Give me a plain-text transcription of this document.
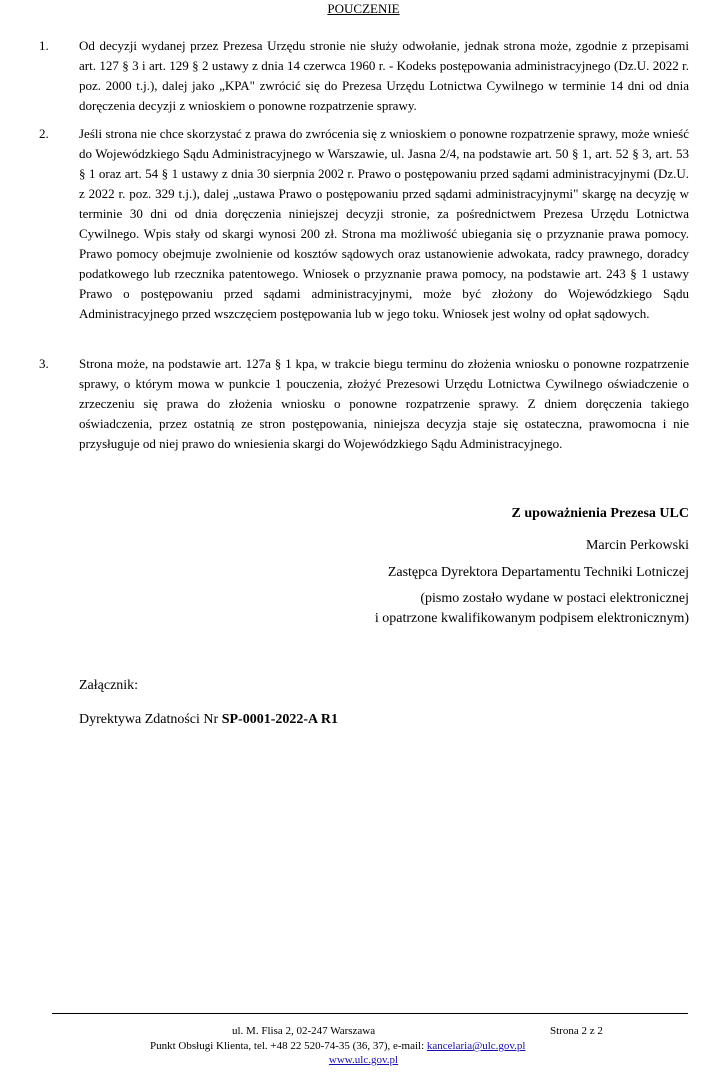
POUCZENIE
1. Od decyzji wydanej przez Prezesa Urzędu stronie nie służy odwołanie, jednak strona może, zgodnie z przepisami art. 127 § 3 i art. 129 § 2 ustawy z dnia 14 czerwca 1960 r. - Kodeks postępowania administracyjnego (Dz.U. 2022 r. poz. 2000 t.j.), dalej jako „KPA" zwrócić się do Prezesa Urzędu Lotnictwa Cywilnego w terminie 14 dni od dnia doręczenia decyzji z wnioskiem o ponowne rozpatrzenie sprawy.
2. Jeśli strona nie chce skorzystać z prawa do zwrócenia się z wnioskiem o ponowne rozpatrzenie sprawy, może wnieść do Wojewódzkiego Sądu Administracyjnego w Warszawie, ul. Jasna 2/4, na podstawie art. 50 § 1, art. 52 § 3, art. 53 § 1 oraz art. 54 § 1 ustawy z dnia 30 sierpnia 2002 r. Prawo o postępowaniu przed sądami administracyjnymi (Dz.U. z 2022 r. poz. 329 t.j.), dalej „ustawa Prawo o postępowaniu przed sądami administracyjnymi" skargę na decyzję w terminie 30 dni od dnia doręczenia niniejszej decyzji stronie, za pośrednictwem Prezesa Urzędu Lotnictwa Cywilnego. Wpis stały od skargi wynosi 200 zł. Strona ma możliwość ubiegania się o przyznanie prawa pomocy. Prawo pomocy obejmuje zwolnienie od kosztów sądowych oraz ustanowienie adwokata, radcy prawnego, doradcy podatkowego lub rzecznika patentowego. Wniosek o przyznanie prawa pomocy, na podstawie art. 243 § 1 ustawy Prawo o postępowaniu przed sądami administracyjnymi, może być złożony do Wojewódzkiego Sądu Administracyjnego przed wszczęciem postępowania lub w jego toku. Wniosek jest wolny od opłat sądowych.
3. Strona może, na podstawie art. 127a § 1 kpa, w trakcie biegu terminu do złożenia wniosku o ponowne rozpatrzenie sprawy, o którym mowa w punkcie 1 pouczenia, złożyć Prezesowi Urzędu Lotnictwa Cywilnego oświadczenie o zrzeczeniu się prawa do złożenia wniosku o ponowne rozpatrzenie sprawy. Z dniem doręczenia takiego oświadczenia, przez ostatnią ze stron postępowania, niniejsza decyzja staje się ostateczna, prawomocna i nie przysługuje od niej prawo do wniesienia skargi do Wojewódzkiego Sądu Administracyjnego.
Z upoważnienia Prezesa ULC
Marcin Perkowski
Zastępca Dyrektora Departamentu Techniki Lotniczej
(pismo zostało wydane w postaci elektronicznej
i opatrzone kwalifikowanym podpisem elektronicznym)
Załącznik:
Dyrektywa Zdatności Nr SP-0001-2022-A R1
ul. M. Flisa 2, 02-247 Warszawa	Strona 2 z 2
Punkt Obsługi Klienta, tel. +48 22 520-74-35 (36, 37), e-mail: kancelaria@ulc.gov.pl
www.ulc.gov.pl
